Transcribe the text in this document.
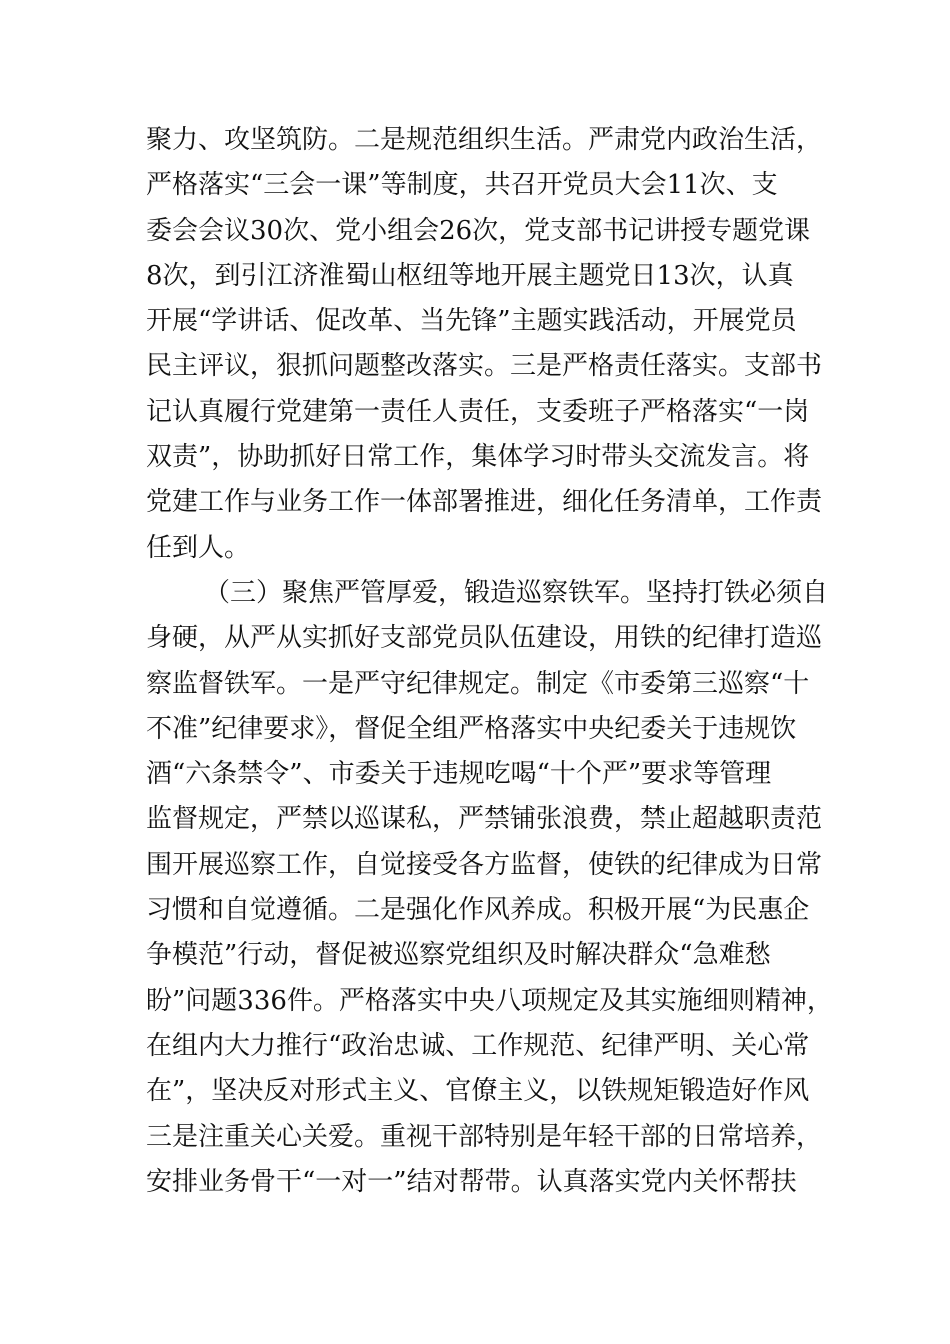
聚力、攻坚筑防。二是规范组织生活。严肃党内政治生活，
严格落实“三会一课”等制度，共召开党员大会11次、支
委会会议30次、党小组会26次，党支部书记讲授专题党课
8次，到引江济淮蜀山枢纽等地开展主题党日13次，认真
开展“学讲话、促改革、当先锋”主题实践活动，开展党员
民主评议，狠抓问题整改落实。三是严格责任落实。支部书
记认真履行党建第一责任人责任，支委班子严格落实“一岗
双责”，协助抓好日常工作，集体学习时带头交流发言。将
党建工作与业务工作一体部署推进，细化任务清单，工作责
任到人。
（三）聚焦严管厚爱，锻造巡察铁军。坚持打铁必须自
身硬，从严从实抓好支部党员队伍建设，用铁的纪律打造巡
察监督铁军。一是严守纪律规定。制定《市委第三巡察“十
不准”纪律要求》，督促全组严格落实中央纪委关于违规饮
酒“六条禁令”、市委关于违规吃喝“十个严”要求等管理
监督规定，严禁以巡谋私，严禁铺张浪费，禁止超越职责范
围开展巡察工作，自觉接受各方监督，使铁的纪律成为日常
习惯和自觉遵循。二是强化作风养成。积极开展“为民惠企
争模范”行动，督促被巡察党组织及时解决群众“急难愁
盼”问题336件。严格落实中央八项规定及其实施细则精神，
在组内大力推行“政治忠诚、工作规范、纪律严明、关心常
在”，坚决反对形式主义、官僚主义，以铁规矩锻造好作风
三是注重关心关爱。重视干部特别是年轻干部的日常培养，
安排业务骨干“一对一”结对帮带。认真落实党内关怀帮扶
